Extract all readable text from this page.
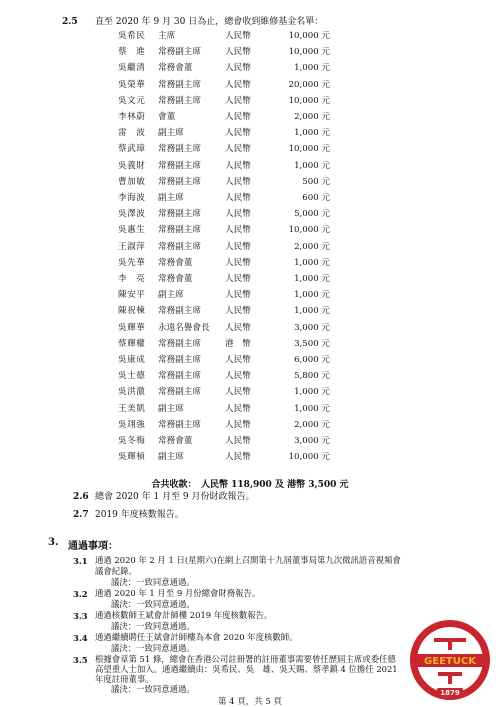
2.5 直至 2020 年 9 月 30 日為止，總會收到維修基金名單：
吳希民 主席	人民幣	10,000 元
蔡　進 常務副主席	人民幣	10,000 元
吳繼清 常務會董	人民幣	1,000 元
吳榮華 常務副主席	人民幣	20,000 元
吳文元 常務副主席	人民幣	10,000 元
李林蔚 會董	人民幣	2,000 元
雷　波 副主席	人民幣	1,000 元
蔡武璋 常務副主席	人民幣	10,000 元
吳義財 常務副主席	人民幣	1,000 元
曹加敏 常務副主席	人民幣	500 元
李海波 副主席	人民幣	600 元
吳澤波 常務副主席	人民幣	5,000 元
吳惠生 常務副主席	人民幣	10,000 元
王淑萍 常務副主席	人民幣	2,000 元
吳先華 常務會董	人民幣	1,000 元
李　亮 常務會董	人民幣	1,000 元
陳安平 副主席	人民幣	1,000 元
陳祝棟 常務副主席	人民幣	1,000 元
吳輝華 永遠名譽會長 人民幣	3,000 元
蔡輝權 常務副主席	港　幣	3,500 元
吳康成 常務副主席	人民幣	6,000 元
吳士德 常務副主席	人民幣	5,800 元
吳洪激 常務副主席	人民幣	1,000 元
王美凱 副主席	人民幣	1,000 元
吳翊強 常務副主席	人民幣	2,000 元
吳冬梅 常務會董	人民幣	3,000 元
吳輝楨 副主席	人民幣	10,000 元
合共收款：　人民幣 118,900 及 港幣 3,500 元
2.6 總會 2020 年 1 月至 9 月份財政報告。
2.7 2019 年度核數報告。
3. 通過事項：
3.1 通過 2020 年 2 月 1 日(星期六)在網上召開第十九屆董事局第九次微訊語音視頻會
議會紀錄。
議決：一致同意通過。
3.2 通過 2020 年 1 月至 9 月份總會財務報告。
議決：一致同意通過。
3.3 通過核數師王斌會計師樓 2019 年度核數報告。
議決：一致同意通過。
3.4 通過繼續聘任王斌會計師樓為本會 2020 年度核數師。
議決：一致同意通過。
3.5 根據會章第 51 條，總會在香港公司註冊署的註冊董事需要曾任歷屆主席或委任德
高望重人士加入。通過繼續由：吳希民、吳　雄、吳天賜、蔡孝鎮 4 位擔任 2021
年度註冊董事。
議決：一致同意通過。
第 4 頁，共 5 頁
GEETUCK
1879
